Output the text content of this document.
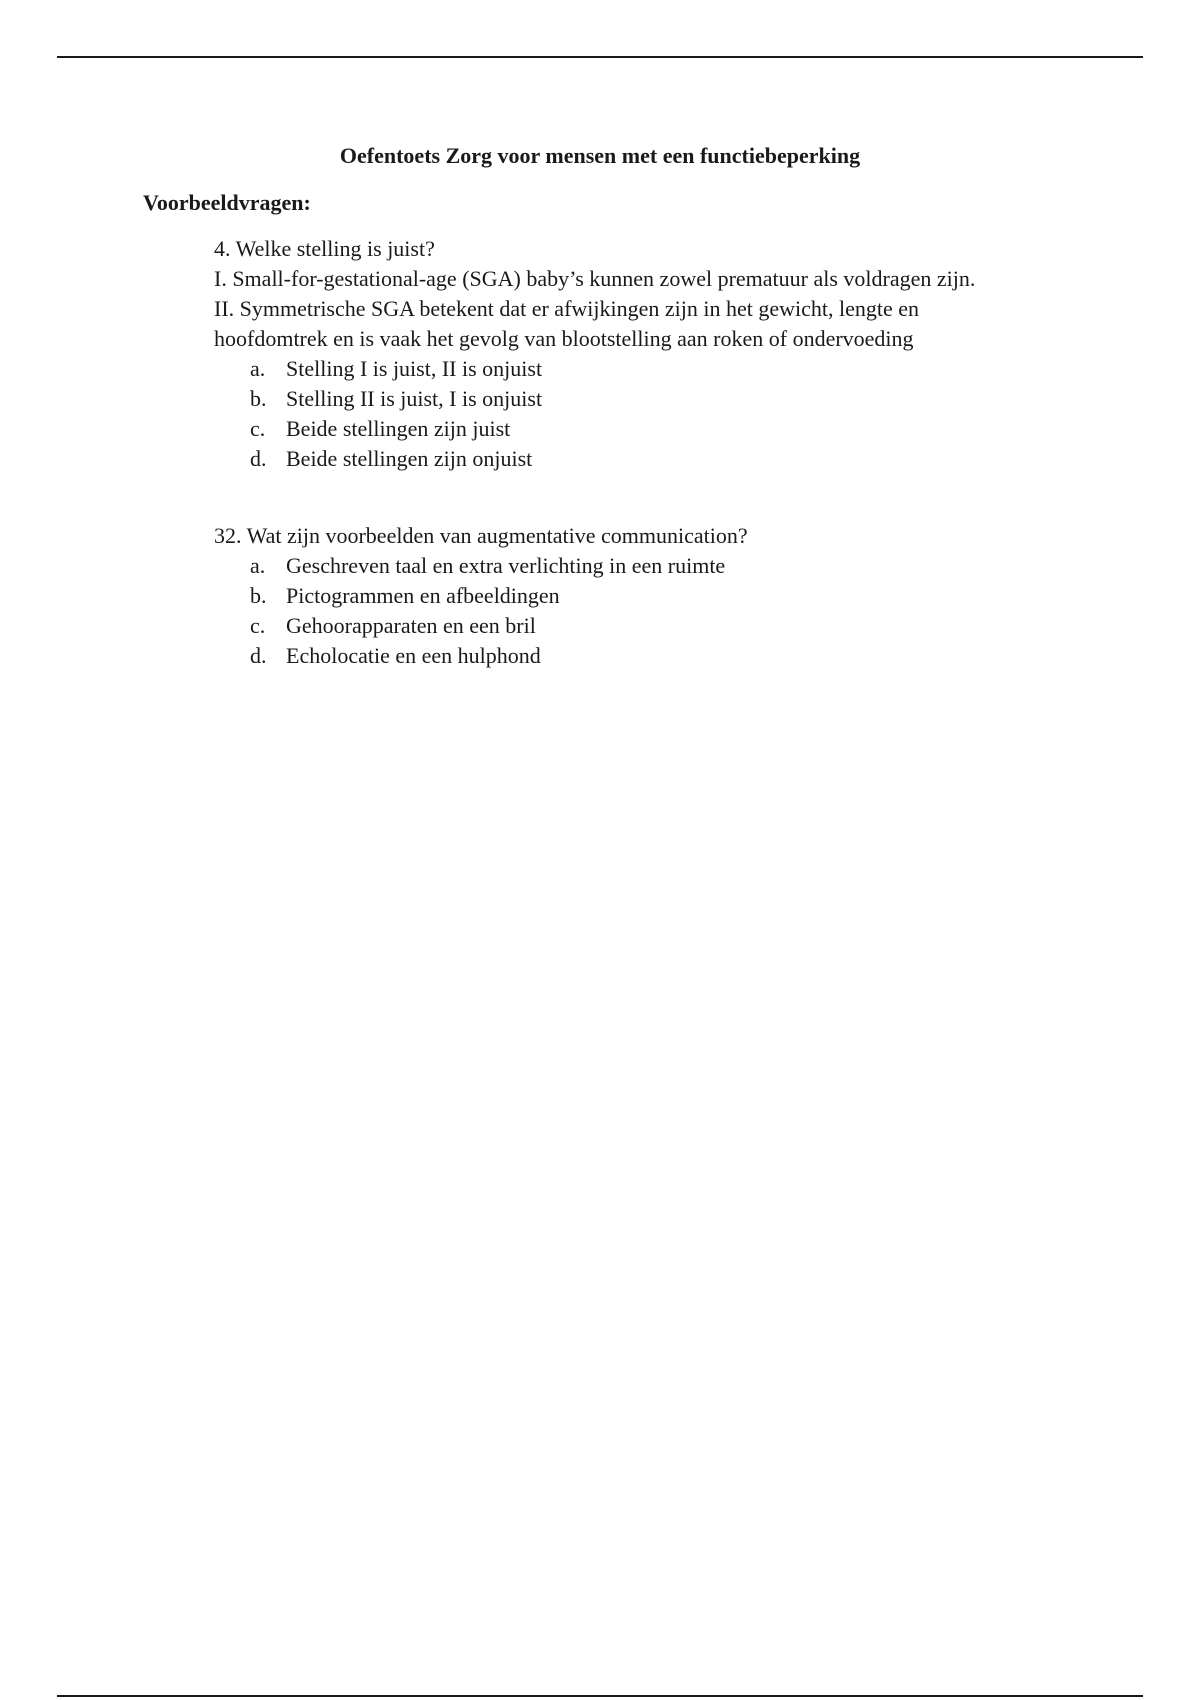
Oefentoets Zorg voor mensen met een functiebeperking
Voorbeeldvragen:

4. Welke stelling is juist?

I. Small-for-gestational-age (SGA) baby’s kunnen zowel prematuur als voldragen zijn.

II. Symmetrische SGA betekent dat er afwijkingen zijn in het gewicht, lengte en

hoofdomtrek en is vaak het gevolg van blootstelling aan roken of ondervoeding

a. Stelling I is juist, II is onjuist
b. Stelling II is juist, I is onjuist
c. Beide stellingen zijn juist
d. Beide stellingen zijn onjuist

32. Wat zijn voorbeelden van augmentative communication?

a. Geschreven taal en extra verlichting in een ruimte
b. Pictogrammen en afbeeldingen
c. Gehoorapparaten en een bril
d. Echolocatie en een hulphond
